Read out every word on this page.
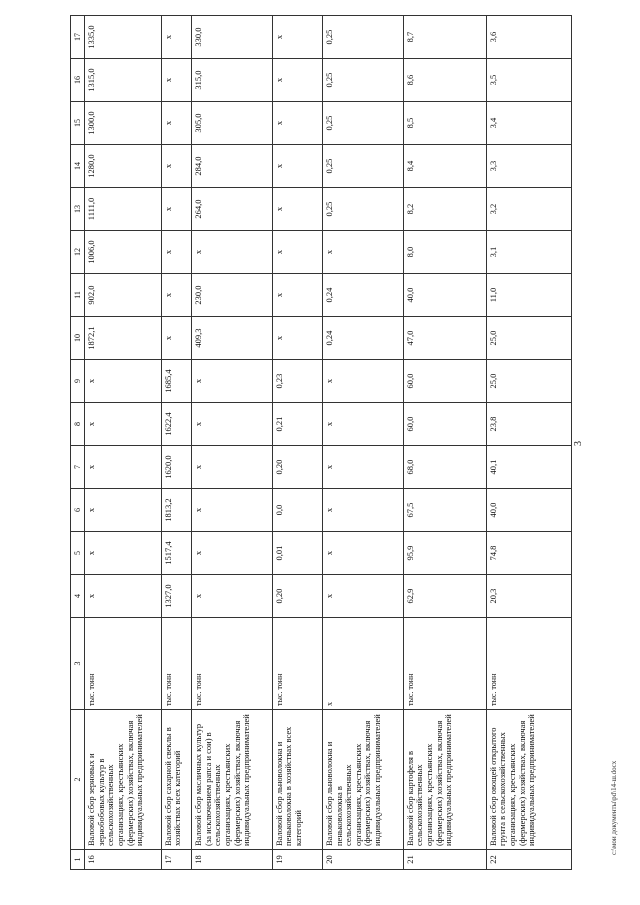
3
1	2	3	4	5	6	7	8	9	10	11	12	13	14	15	16	17
16	Валовой сбор зерновых и зернобобовых культур в сельскохозяйственных организациях, крестьянских (фермерских) хозяйствах, включая индивидуальных предпринимателей	тыс. тонн	x	x	x	x	x	x	1872,1	902,0	1006,0	1111,0	1280,0	1300,0	1315,0	1335,0
17	Валовой сбор сахарной свеклы в хозяйствах всех категорий	тыс. тонн	1327,0	1517,4	1813,2	1620,0	1622,4	1685,4	x	x	x	x	x	x	x	x
18	Валовой сбор масличных культур (за исключением рапса и сои) в сельскохозяйственных организациях, крестьянских (фермерских) хозяйствах, включая индивидуальных предпринимателей	тыс. тонн	x	x	x	x	x	x	409,3	230,0	x	264,0	284,0	305,0	315,0	330,0
19	Валовой сбор льноволокна и пеньковолокна в хозяйствах всех категорий	тыс. тонн	0,20	0,01	0,0	0,20	0,21	0,23	x	x	x	x	x	x	x	x
20	Валовой сбор льноволокна и пеньковолокна в сельскохозяйственных организациях, крестьянских (фермерских) хозяйствах, включая индивидуальных предпринимателей	x	x	x	x	x	x	x	0,24	0,24	x	0,25	0,25	0,25	0,25	0,25
21	Валовой сбор картофеля в сельскохозяйственных организациях, крестьянских (фермерских) хозяйствах, включая индивидуальных предпринимателей	тыс. тонн	62,9	95,9	67,5	68,0	60,0	60,0	47,0	40,0	8,0	8,2	8,4	8,5	8,6	8,7
22	Валовой сбор овощей открытого грунта в сельскохозяйственных организациях, крестьянских (фермерских) хозяйствах, включая индивидуальных предпринимателей	тыс. тонн	20,3	74,8	40,0	40,1	23,8	25,0	25,0	11,0	3,1	3,2	3,3	3,4	3,5	3,6
c:\мои документы\pd\14-ш.docx
